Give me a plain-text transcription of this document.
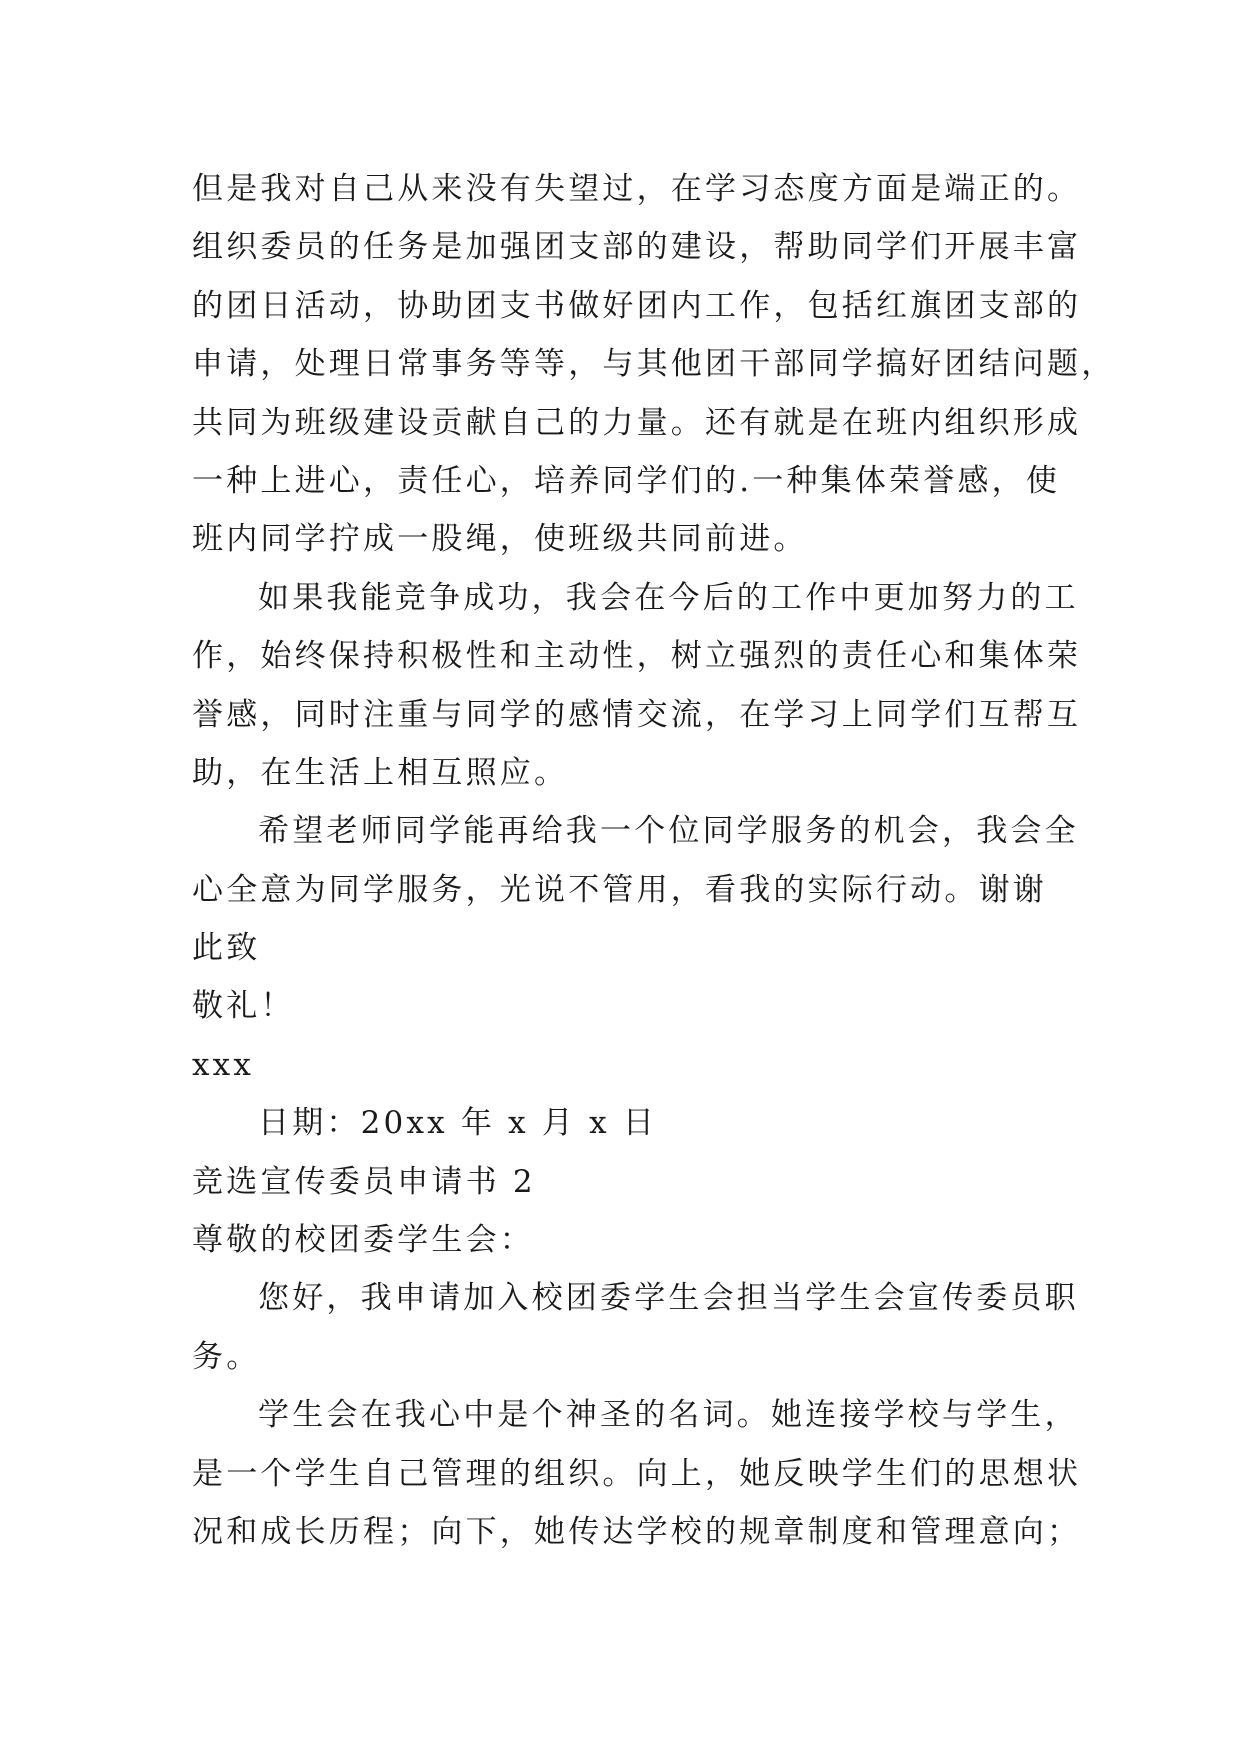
但是我对自己从来没有失望过，在学习态度方面是端正的。
组织委员的任务是加强团支部的建设，帮助同学们开展丰富
的团日活动，协助团支书做好团内工作，包括红旗团支部的
申请，处理日常事务等等，与其他团干部同学搞好团结问题，
共同为班级建设贡献自己的力量。还有就是在班内组织形成
一种上进心，责任心，培养同学们的.一种集体荣誉感，使
班内同学拧成一股绳，使班级共同前进。
如果我能竞争成功，我会在今后的工作中更加努力的工
作，始终保持积极性和主动性，树立强烈的责任心和集体荣
誉感，同时注重与同学的感情交流，在学习上同学们互帮互
助，在生活上相互照应。
希望老师同学能再给我一个位同学服务的机会，我会全
心全意为同学服务，光说不管用，看我的实际行动。谢谢
此致
敬礼！
xxx
日期：20xx 年 x 月 x 日
竞选宣传委员申请书 2
尊敬的校团委学生会：
您好，我申请加入校团委学生会担当学生会宣传委员职
务。
学生会在我心中是个神圣的名词。她连接学校与学生，
是一个学生自己管理的组织。向上，她反映学生们的思想状
况和成长历程；向下，她传达学校的规章制度和管理意向；
